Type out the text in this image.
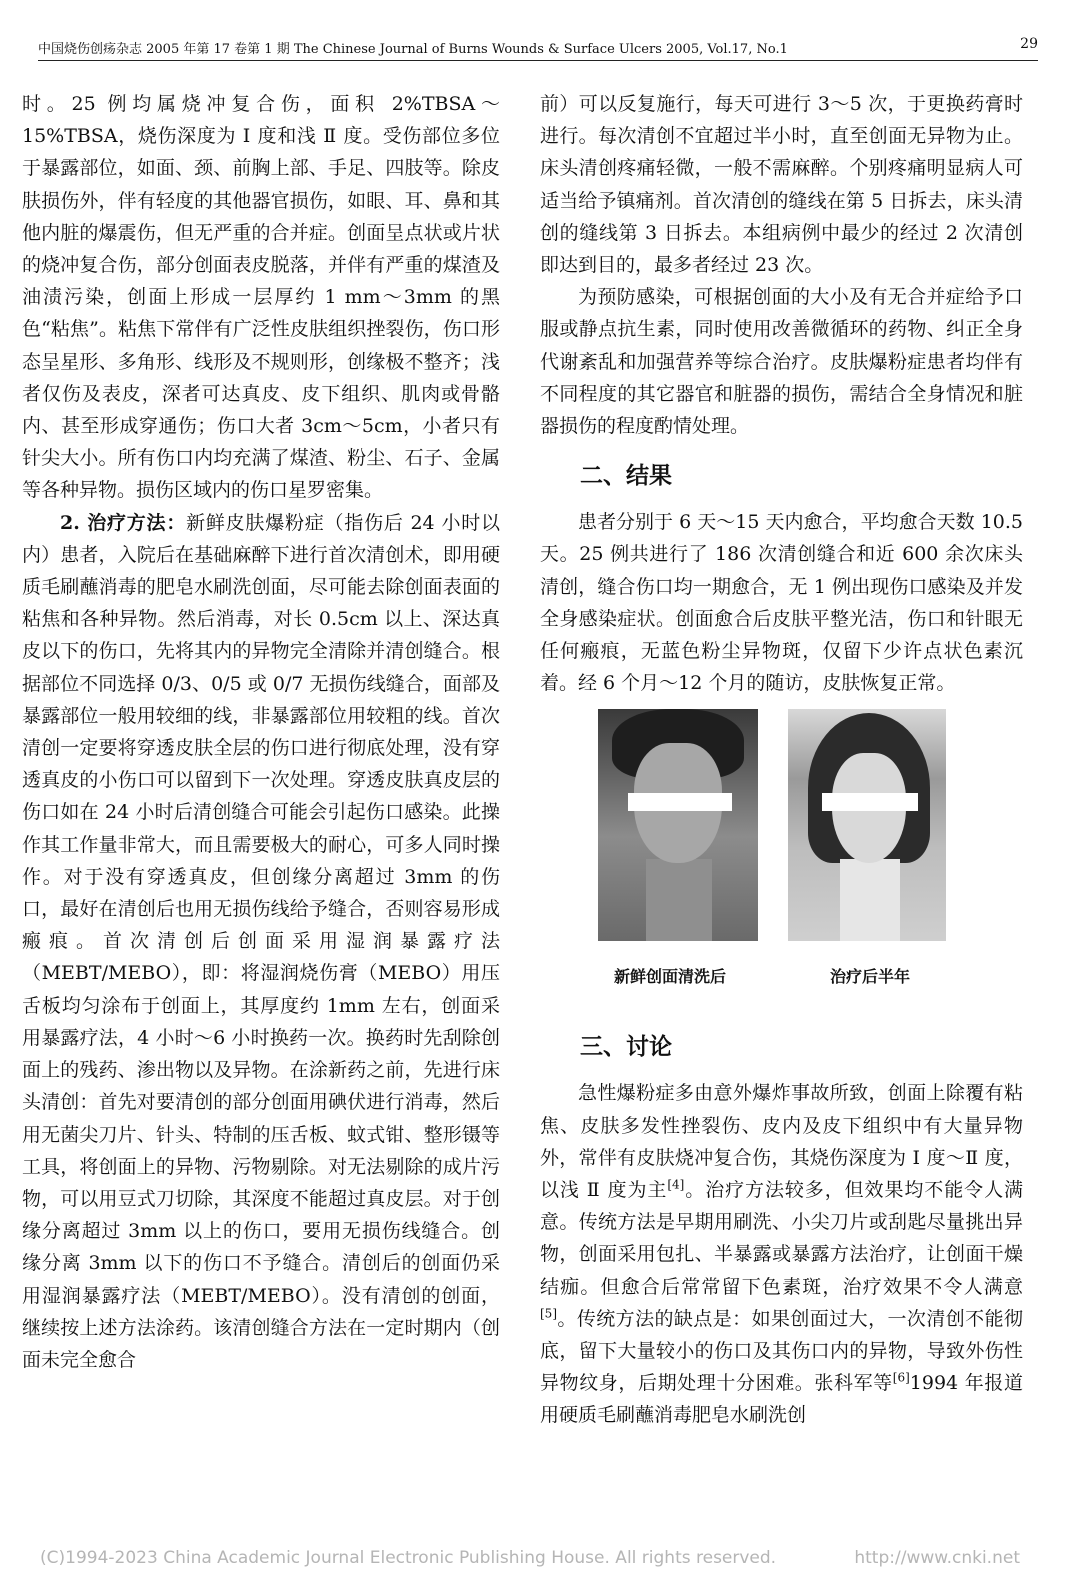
中国烧伤创疡杂志 2005 年第 17 卷第 1 期 The Chinese Journal of Burns Wounds & Surface Ulcers 2005, Vol.17, No.1	29

时。25 例均属烧冲复合伤，面积 2%TBSA～15%TBSA，烧伤深度为 Ⅰ 度和浅 Ⅱ 度。受伤部位多位于暴露部位，如面、颈、前胸上部、手足、四肢等。除皮肤损伤外，伴有轻度的其他器官损伤，如眼、耳、鼻和其他内脏的爆震伤，但无严重的合并症。创面呈点状或片状的烧冲复合伤，部分创面表皮脱落，并伴有严重的煤渣及油渍污染，创面上形成一层厚约 1 mm～3mm 的黑色“粘焦”。粘焦下常伴有广泛性皮肤组织挫裂伤，伤口形态呈星形、多角形、线形及不规则形，创缘极不整齐；浅者仅伤及表皮，深者可达真皮、皮下组织、肌肉或骨骼内、甚至形成穿通伤；伤口大者 3cm～5cm，小者只有针尖大小。所有伤口内均充满了煤渣、粉尘、石子、金属等各种异物。损伤区域内的伤口星罗密集。

2. 治疗方法：新鲜皮肤爆粉症（指伤后 24 小时以内）患者，入院后在基础麻醉下进行首次清创术，即用硬质毛刷蘸消毒的肥皂水刷洗创面，尽可能去除创面表面的粘焦和各种异物。然后消毒，对长 0.5cm 以上、深达真皮以下的伤口，先将其内的异物完全清除并清创缝合。根据部位不同选择 0/3、0/5 或 0/7 无损伤线缝合，面部及暴露部位一般用较细的线，非暴露部位用较粗的线。首次清创一定要将穿透皮肤全层的伤口进行彻底处理，没有穿透真皮的小伤口可以留到下一次处理。穿透皮肤真皮层的伤口如在 24 小时后清创缝合可能会引起伤口感染。此操作其工作量非常大，而且需要极大的耐心，可多人同时操作。对于没有穿透真皮，但创缘分离超过 3mm 的伤口，最好在清创后也用无损伤线给予缝合，否则容易形成瘢痕。首次清创后创面采用湿润暴露疗法（MEBT/MEBO），即：将湿润烧伤膏（MEBO）用压舌板均匀涂布于创面上，其厚度约 1mm 左右，创面采用暴露疗法，4 小时～6 小时换药一次。换药时先刮除创面上的残药、渗出物以及异物。在涂新药之前，先进行床头清创：首先对要清创的部分创面用碘伏进行消毒，然后用无菌尖刀片、针头、特制的压舌板、蚊式钳、整形镊等工具，将创面上的异物、污物剔除。对无法剔除的成片污物，可以用豆式刀切除，其深度不能超过真皮层。对于创缘分离超过 3mm 以上的伤口，要用无损伤线缝合。创缘分离 3mm 以下的伤口不予缝合。清创后的创面仍采用湿润暴露疗法（MEBT/MEBO）。没有清创的创面，继续按上述方法涂药。该清创缝合方法在一定时期内（创面未完全愈合

前）可以反复施行，每天可进行 3～5 次，于更换药膏时进行。每次清创不宜超过半小时，直至创面无异物为止。床头清创疼痛轻微，一般不需麻醉。个别疼痛明显病人可适当给予镇痛剂。首次清创的缝线在第 5 日拆去，床头清创的缝线第 3 日拆去。本组病例中最少的经过 2 次清创即达到目的，最多者经过 23 次。

为预防感染，可根据创面的大小及有无合并症给予口服或静点抗生素，同时使用改善微循环的药物、纠正全身代谢紊乱和加强营养等综合治疗。皮肤爆粉症患者均伴有不同程度的其它器官和脏器的损伤，需结合全身情况和脏器损伤的程度酌情处理。

二、结果

患者分别于 6 天～15 天内愈合，平均愈合天数 10.5 天。25 例共进行了 186 次清创缝合和近 600 余次床头清创，缝合伤口均一期愈合，无 1 例出现伤口感染及并发全身感染症状。创面愈合后皮肤平整光洁，伤口和针眼无任何瘢痕，无蓝色粉尘异物斑，仅留下少许点状色素沉着。经 6 个月～12 个月的随访，皮肤恢复正常。

新鲜创面清洗后	治疗后半年
三、讨论

急性爆粉症多由意外爆炸事故所致，创面上除覆有粘焦、皮肤多发性挫裂伤、皮内及皮下组织中有大量异物外，常伴有皮肤烧冲复合伤，其烧伤深度为 Ⅰ 度～Ⅱ 度，以浅 Ⅱ 度为主[4]。治疗方法较多，但效果均不能令人满意。传统方法是早期用刷洗、小尖刀片或刮匙尽量挑出异物，创面采用包扎、半暴露或暴露方法治疗，让创面干燥结痂。但愈合后常常留下色素斑，治疗效果不令人满意[5]。传统方法的缺点是：如果创面过大，一次清创不能彻底，留下大量较小的伤口及其伤口内的异物，导致外伤性异物纹身，后期处理十分困难。张科军等[6]1994 年报道用硬质毛刷蘸消毒肥皂水刷洗创

(C)1994-2023 China Academic Journal Electronic Publishing House. All rights reserved.	http://www.cnki.net
